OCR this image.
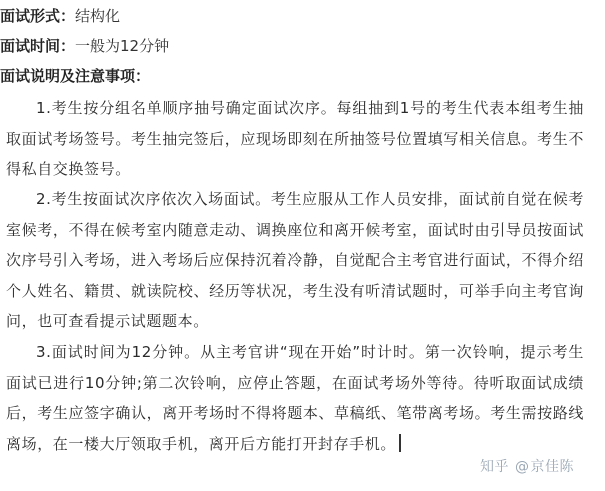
面试形式：结构化
面试时间：一般为12分钟
面试说明及注意事项：

1.考生按分组名单顺序抽号确定面试次序。每组抽到1号的考生代表本组考生抽取面试考场签号。考生抽完签后，应现场即刻在所抽签号位置填写相关信息。考生不得私自交换签号。

2.考生按面试次序依次入场面试。考生应服从工作人员安排，面试前自觉在候考室候考，不得在候考室内随意走动、调换座位和离开候考室，面试时由引导员按面试次序号引入考场，进入考场后应保持沉着冷静，自觉配合主考官进行面试，不得介绍个人姓名、籍贯、就读院校、经历等状况，考生没有听清试题时，可举手向主考官询问，也可查看提示试题题本。

3.面试时间为12分钟。从主考官讲“现在开始”时计时。第一次铃响，提示考生面试已进行10分钟;第二次铃响，应停止答题，在面试考场外等待。待听取面试成绩后，考生应签字确认，离开考场时不得将题本、草稿纸、笔带离考场。考生需按路线离场，在一楼大厅领取手机，离开后方能打开封存手机。

知乎 @京佳陈
